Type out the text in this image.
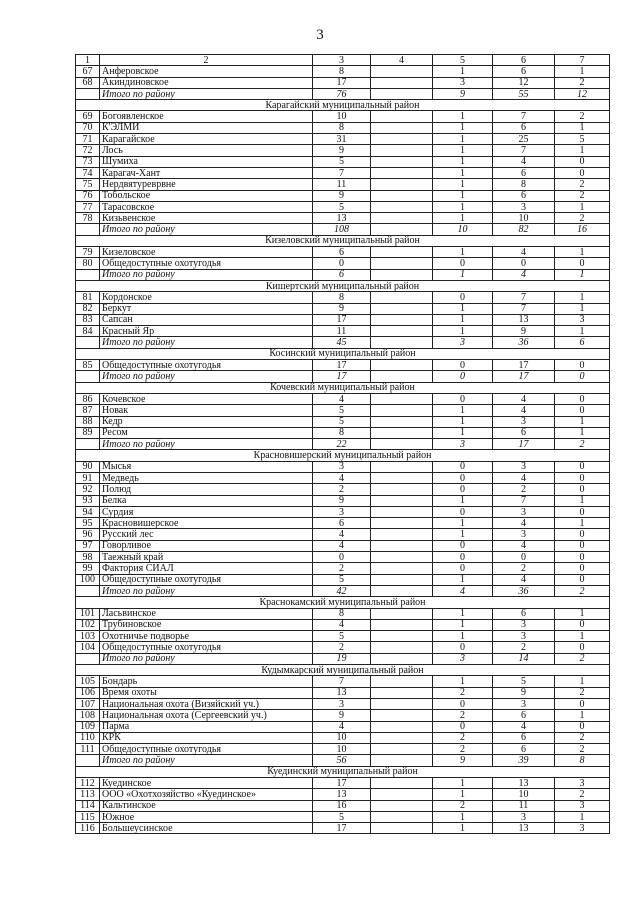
3
1	2	3	4	5	6	7
67	Анферовское	8		1	6	1
68	Акиндиновское	17		3	12	2
	Итого по району	76		9	55	12
Карагайский муниципальный район						
69	Богоявленское	10		1	7	2
70	К'ЭЛМИ	8		1	6	1
71	Карагайское	31		1	25	5
72	Лось	9		1	7	1
73	Шумиха	5		1	4	0
74	Карагач-Хант	7		1	6	0
75	Нердвятуреврвне	11		1	8	2
76	Тобольское	9		1	6	2
77	Тарасовское	5		1	3	1
78	Кизьвенское	13		1	10	2
	Итого по району	108		10	82	16
Кизеловский муниципальный район						
79	Кизеловское	6		1	4	1
80	Общедоступные охотугодья	0		0	0	0
	Итого по району	6		1	4	1
Кишертский муниципальный район						
81	Кордонское	8		0	7	1
82	Беркут	9		1	7	1
83	Сапсан	17		1	13	3
84	Красный Яр	11		1	9	1
	Итого по району	45		3	36	6
Косинский муниципальный район						
85	Общедоступные охотугодья	17		0	17	0
	Итого по району	17		0	17	0
Кочевский муниципальный район						
86	Кочевское	4		0	4	0
87	Новак	5		1	4	0
88	Кедр	5		1	3	1
89	Ресом	8		1	6	1
	Итого по району	22		3	17	2
Красновишерский муниципальный район						
90	Мысья	3		0	3	0
91	Медведь	4		0	4	0
92	Полюд	2		0	2	0
93	Белка	9		1	7	1
94	Сурдия	3		0	3	0
95	Красновишерское	6		1	4	1
96	Русский лес	4		1	3	0
97	Говорливое	4		0	4	0
98	Таежный край	0		0	0	0
99	Фактория СИАЛ	2		0	2	0
100	Общедоступные охотугодья	5		1	4	0
	Итого по району	42		4	36	2
Краснокамский муниципальный район						
101	Ласьвинское	8		1	6	1
102	Трубиновское	4		1	3	0
103	Охотничье подворье	5		1	3	1
104	Общедоступные охотугодья	2		0	2	0
	Итого по району	19		3	14	2
Кудымкарский муниципальный район						
105	Бондарь	7		1	5	1
106	Время охоты	13		2	9	2
107	Национальная охота (Визяйский уч.)	3		0	3	0
108	Национальная охота (Сергеевский уч.)	9		2	6	1
109	Парма	4		0	4	0
110	КРК	10		2	6	2
111	Общедоступные охотугодья	10		2	6	2
	Итого по району	56		9	39	8
Куединский муниципальный район						
112	Куединское	17		1	13	3
113	ООО «Охотхозяйство «Куединское»	13		1	10	2
114	Кальтинское	16		2	11	3
115	Южное	5		1	3	1
116	Большеусинское	17		1	13	3
